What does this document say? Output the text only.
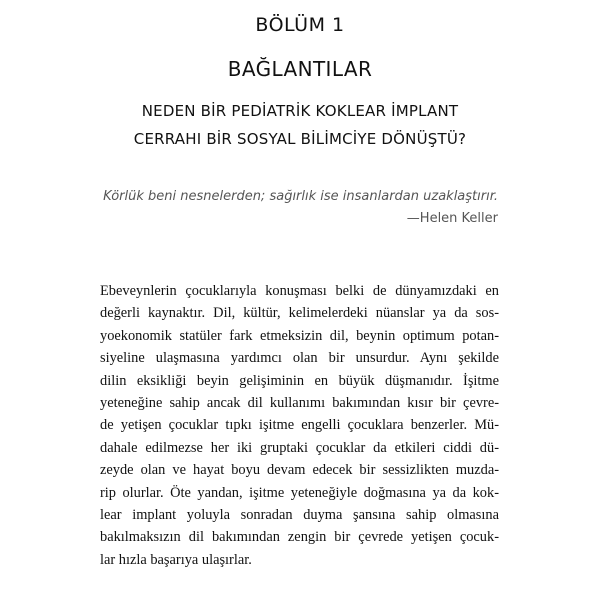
BÖLÜM 1
BAĞLANTILAR
NEDEN BİR PEDİATRİK KOKLEAR İMPLANT
CERRAHI BİR SOSYAL BİLİMCİYE DÖNÜŞTÜ?
Körlük beni nesnelerden; sağırlık ise insanlardan uzaklaştırır.
—Helen Keller
Ebeveynlerin çocuklarıyla konuşması belki de dünyamızdaki en
değerli kaynaktır. Dil, kültür, kelimelerdeki nüanslar ya da sos-
yoekonomik statüler fark etmeksizin dil, beynin optimum potan-
siyeline ulaşmasına yardımcı olan bir unsurdur. Aynı şekilde
dilin eksikliği beyin gelişiminin en büyük düşmanıdır. İşitme
yeteneğine sahip ancak dil kullanımı bakımından kısır bir çevre-
de yetişen çocuklar tıpkı işitme engelli çocuklara benzerler. Mü-
dahale edilmezse her iki gruptaki çocuklar da etkileri ciddi dü-
zeyde olan ve hayat boyu devam edecek bir sessizlikten muzda-
rip olurlar. Öte yandan, işitme yeteneğiyle doğmasına ya da kok-
lear implant yoluyla sonradan duyma şansına sahip olmasına
bakılmaksızın dil bakımından zengin bir çevrede yetişen çocuk-
lar hızla başarıya ulaşırlar.
